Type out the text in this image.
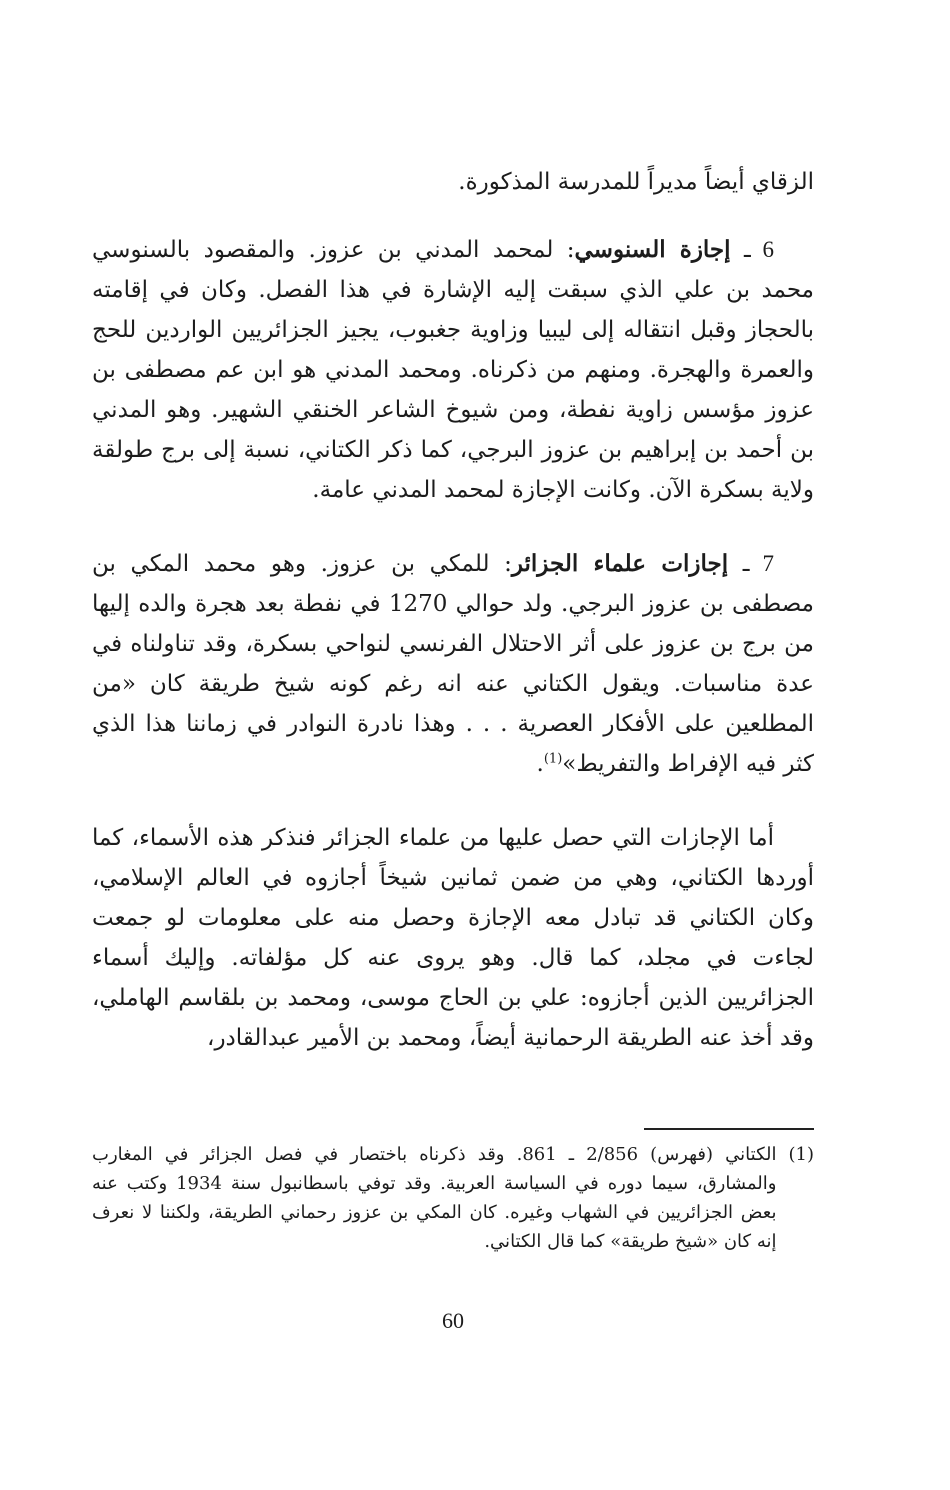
الزقاي أيضاً مديراً للمدرسة المذكورة.

6 ـ إجازة السنوسي: لمحمد المدني بن عزوز. والمقصود بالسنوسي محمد بن علي الذي سبقت إليه الإشارة في هذا الفصل. وكان في إقامته بالحجاز وقبل انتقاله إلى ليبيا وزاوية جغبوب، يجيز الجزائريين الواردين للحج والعمرة والهجرة. ومنهم من ذكرناه. ومحمد المدني هو ابن عم مصطفى بن عزوز مؤسس زاوية نفطة، ومن شيوخ الشاعر الخنقي الشهير. وهو المدني بن أحمد بن إبراهيم بن عزوز البرجي، كما ذكر الكتاني، نسبة إلى برج طولقة ولاية بسكرة الآن. وكانت الإجازة لمحمد المدني عامة.

7 ـ إجازات علماء الجزائر: للمكي بن عزوز. وهو محمد المكي بن مصطفى بن عزوز البرجي. ولد حوالي 1270 في نفطة بعد هجرة والده إليها من برج بن عزوز على أثر الاحتلال الفرنسي لنواحي بسكرة، وقد تناولناه في عدة مناسبات. ويقول الكتاني عنه انه رغم كونه شيخ طريقة كان «من المطلعين على الأفكار العصرية . . . وهذا نادرة النوادر في زماننا هذا الذي كثر فيه الإفراط والتفريط»$^{(1)}$.

أما الإجازات التي حصل عليها من علماء الجزائر فنذكر هذه الأسماء، كما أوردها الكتاني، وهي من ضمن ثمانين شيخاً أجازوه في العالم الإسلامي، وكان الكتاني قد تبادل معه الإجازة وحصل منه على معلومات لو جمعت لجاءت في مجلد، كما قال. وهو يروى عنه كل مؤلفاته. وإليك أسماء الجزائريين الذين أجازوه: علي بن الحاج موسى، ومحمد بن بلقاسم الهاملي، وقد أخذ عنه الطريقة الرحمانية أيضاً، ومحمد بن الأمير عبدالقادر،

(1)
الكتاني (فهرس) 2/856 ـ 861. وقد ذكرناه باختصار في فصل الجزائر في المغارب والمشارق، سيما دوره في السياسة العربية. وقد توفي باسطانبول سنة 1934 وكتب عنه بعض الجزائريين في الشهاب وغيره. كان المكي بن عزوز رحماني الطريقة، ولكننا لا نعرف إنه كان «شيخ طريقة» كما قال الكتاني.
60
